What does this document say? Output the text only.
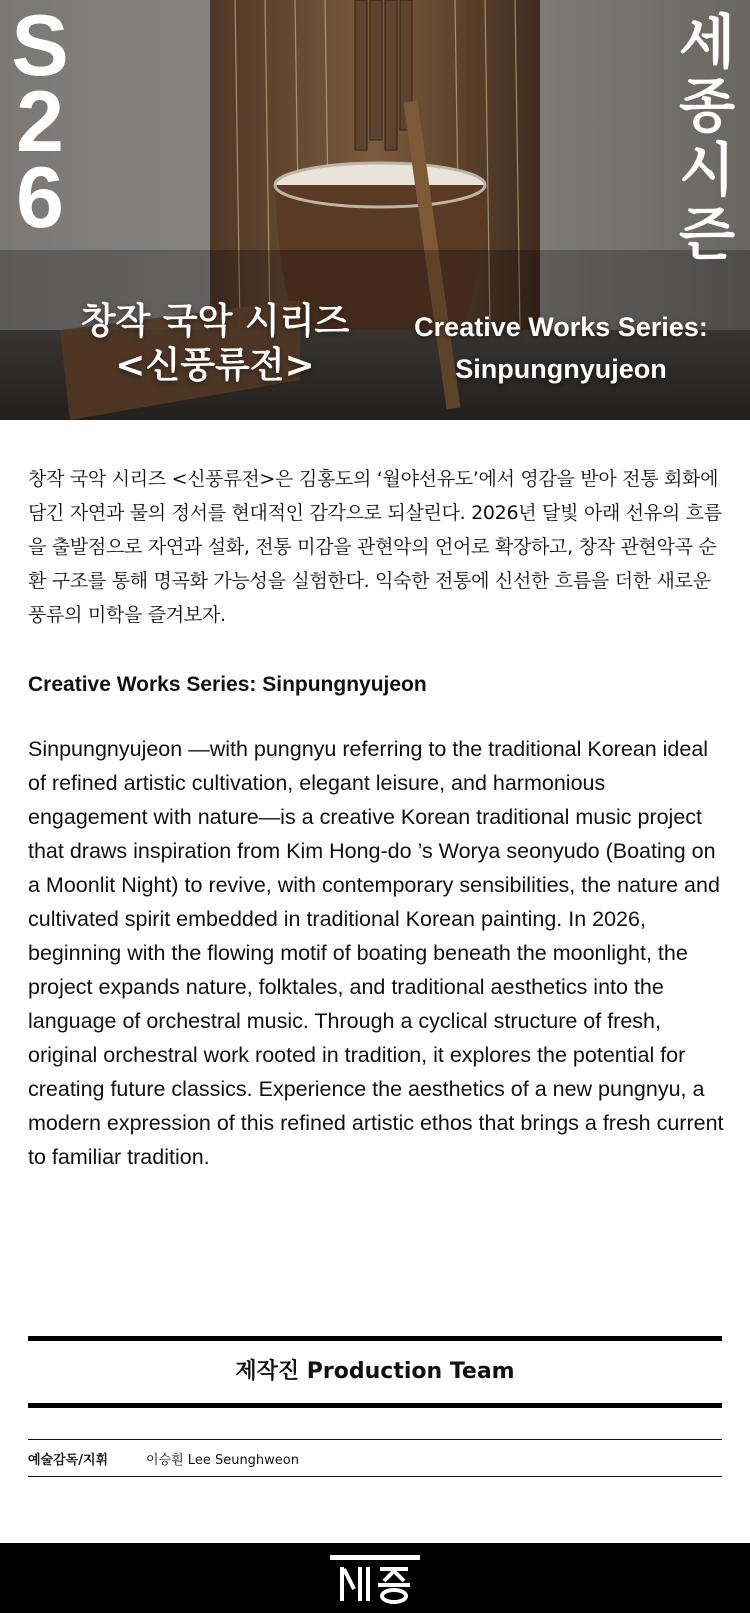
S
2
6
세
종
시
즌
창작 국악 시리즈
<신풍류전>
Creative Works Series:
Sinpungnyujeon

창작 국악 시리즈 <신풍류전>은 김홍도의 ‘월야선유도’에서 영감을 받아 전통 회화에 담긴 자연과 물의 정서를 현대적인 감각으로 되살린다. 2026년 달빛 아래 선유의 흐름을 출발점으로 자연과 설화, 전통 미감을 관현악의 언어로 확장하고, 창작 관현악곡 순환 구조를 통해 명곡화 가능성을 실험한다. 익숙한 전통에 신선한 흐름을 더한 새로운 풍류의 미학을 즐겨보자.

Creative Works Series: Sinpungnyujeon

Sinpungnyujeon —with pungnyu referring to the traditional Korean ideal of refined artistic cultivation, elegant leisure, and harmonious engagement with nature—is a creative Korean traditional music project that draws inspiration from Kim Hong-do ’s Worya seonyudo (Boating on a Moonlit Night) to revive, with contemporary sensibilities, the nature and cultivated spirit embedded in traditional Korean painting. In 2026, beginning with the flowing motif of boating beneath the moonlight, the project expands nature, folktales, and traditional aesthetics into the language of orchestral music. Through a cyclical structure of fresh, original orchestral work rooted in tradition, it explores the potential for creating future classics. Experience the aesthetics of a new pungnyu, a modern expression of this refined artistic ethos that brings a fresh current to familiar tradition.

제작진 Production Team
예술감독/지휘	이승훤 Lee Seunghweon
